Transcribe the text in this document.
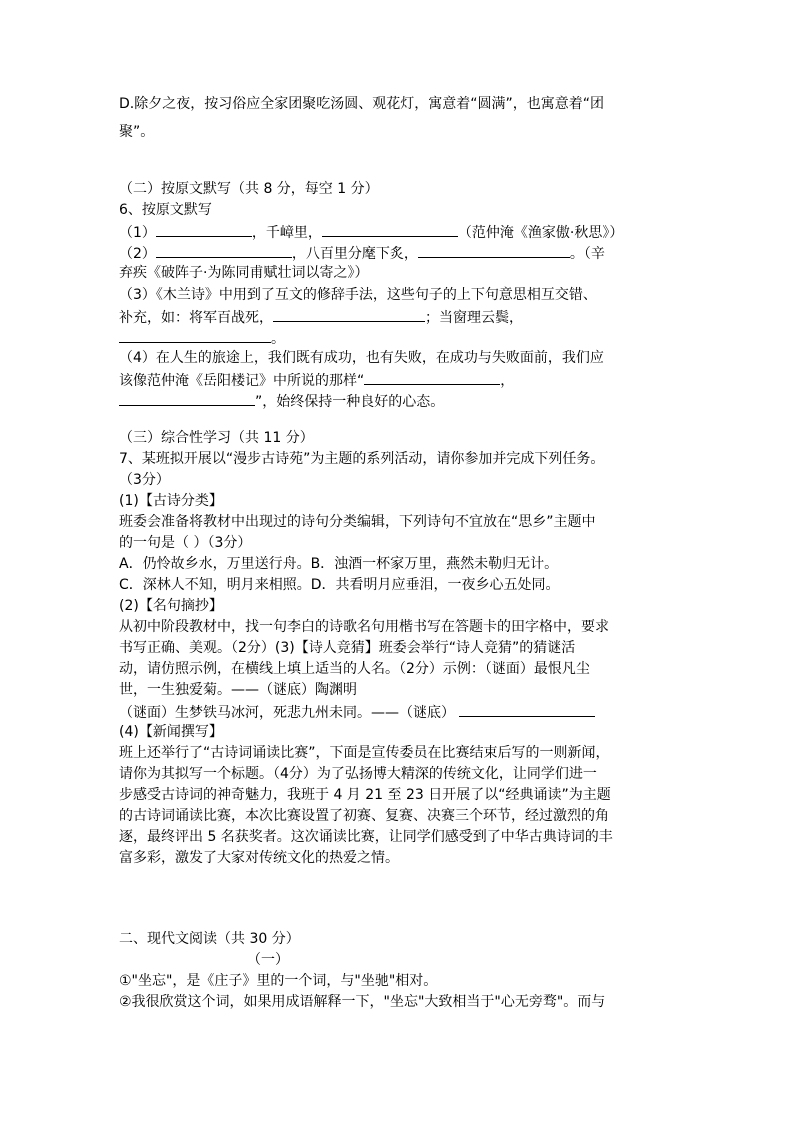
D.除夕之夜，按习俗应全家团聚吃汤圆、观花灯，寓意着“圆满”，也寓意着“团
聚”。
（二）按原文默写（共 8 分，每空 1 分）
6、按原文默写
（1）	，千嶂里，	（范仲淹《渔家傲·秋思》）
（2）	，八百里分麾下炙，	。（辛
弃疾《破阵子·为陈同甫赋壮词以寄之》）
（3）《木兰诗》中用到了互文的修辞手法，这些句子的上下句意思相互交错、
补充，如：将军百战死，	；当窗理云鬓，
。
（4）在人生的旅途上，我们既有成功，也有失败，在成功与失败面前，我们应
该像范仲淹《岳阳楼记》中所说的那样“	，
”，始终保持一种良好的心态。
（三）综合性学习（共 11 分）
7、某班拟开展以“漫步古诗苑”为主题的系列活动，请你参加并完成下列任务。
（3分）
(1)【古诗分类】
班委会准备将教材中出现过的诗句分类编辑，下列诗句不宜放在“思乡”主题中
的一句是（ ）（3分）
A．仍怜故乡水，万里送行舟。B．浊酒一杯家万里，燕然未勒归无计。
C．深林人不知，明月来相照。D．共看明月应垂泪，一夜乡心五处同。
(2)【名句摘抄】
从初中阶段教材中，找一句李白的诗歌名句用楷书写在答题卡的田字格中，要求
书写正确、美观。（2分）(3)【诗人竞猜】班委会举行“诗人竞猜”的猜谜活
动，请仿照示例，在横线上填上适当的人名。（2分）示例：（谜面）最恨凡尘
世，一生独爱菊。——（谜底）陶渊明
（谜面）生梦铁马冰河，死悲九州未同。——（谜底）
(4)【新闻撰写】
班上还举行了“古诗词诵读比赛”，下面是宣传委员在比赛结束后写的一则新闻，
请你为其拟写一个标题。（4分）为了弘扬博大精深的传统文化，让同学们进一
步感受古诗词的神奇魅力，我班于 4 月 21 至 23 日开展了以“经典诵读”为主题
的古诗词诵读比赛，本次比赛设置了初赛、复赛、决赛三个环节，经过激烈的角
逐，最终评出 5 名获奖者。这次诵读比赛，让同学们感受到了中华古典诗词的丰
富多彩，激发了大家对传统文化的热爱之情。
二、现代文阅读（共 30 分）
（一）
①"坐忘"，是《庄子》里的一个词，与"坐驰"相对。
②我很欣赏这个词，如果用成语解释一下，"坐忘"大致相当于"心无旁骛"。而与
